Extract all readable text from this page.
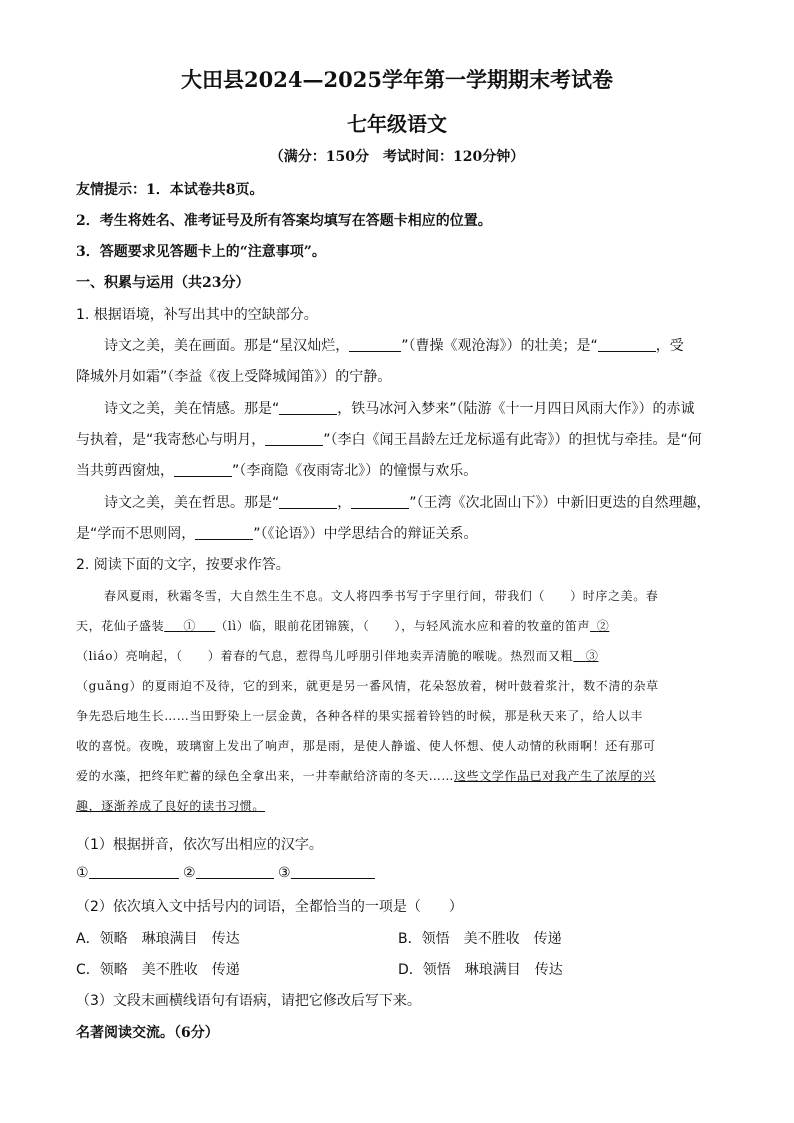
大田县2024—2025学年第一学期期末考试卷
七年级语文
（满分：150分　考试时间：120分钟）
友情提示：1．本试卷共8页。
2．考生将姓名、准考证号及所有答案均填写在答题卡相应的位置。
3．答题要求见答题卡上的“注意事项”。
一、积累与运用（共23分）
1. 根据语境，补写出其中的空缺部分。
诗文之美，美在画面。那是“星汉灿烂，	”（曹操《观沧海》）的壮美；是“	，受
降城外月如霜”（李益《夜上受降城闻笛》）的宁静。
诗文之美，美在情感。那是“	，铁马冰河入梦来”（陆游《十一月四日风雨大作》）的赤诚
与执着，是“我寄愁心与明月，	”（李白《闻王昌龄左迁龙标遥有此寄》）的担忧与牵挂。是“何
当共剪西窗烛，	”（李商隐《夜雨寄北》）的憧憬与欢乐。
诗文之美，美在哲思。那是“	，	”（王湾《次北固山下》）中新旧更迭的自然理趣，
是“学而不思则罔，	”（《论语》）中学思结合的辩证关系。
2. 阅读下面的文字，按要求作答。
春风夏雨，秋霜冬雪，大自然生生不息。文人将四季书写于字里行间，带我们（　　）时序之美。春
天，花仙子盛装   ①   （lì）临，眼前花团锦簇，（　　），与轻风流水应和着的牧童的笛声  ②
（liáo）亮响起，（　　）着春的气息，惹得鸟儿呼朋引伴地卖弄清脆的喉咙。热烈而又粗  ③
（guǎng）的夏雨迫不及待，它的到来，就更是另一番风情，花朵怒放着，树叶鼓着浆汁，数不清的杂草
争先恐后地生长……当田野染上一层金黄，各种各样的果实摇着铃铛的时候，那是秋天来了，给人以丰
收的喜悦。夜晚，玻璃窗上发出了响声，那是雨，是使人静谧、使人怀想、使人动情的秋雨啊！还有那可
爱的水藻，把终年贮蓄的绿色全拿出来，一井奉献给济南的冬天……这些文学作品已对我产生了浓厚的兴
趣，逐渐养成了良好的读书习惯。
（1）根据拼音，依次写出相应的汉字。
①	②	③
（2）依次填入文中括号内的词语，全都恰当的一项是（　　）
A．领略　琳琅满目　传达	B．领悟　美不胜收　传递
C．领略　美不胜收　传递	D．领悟　琳琅满目　传达
（3）文段末画横线语句有语病，请把它修改后写下来。
名著阅读交流。（6分）
